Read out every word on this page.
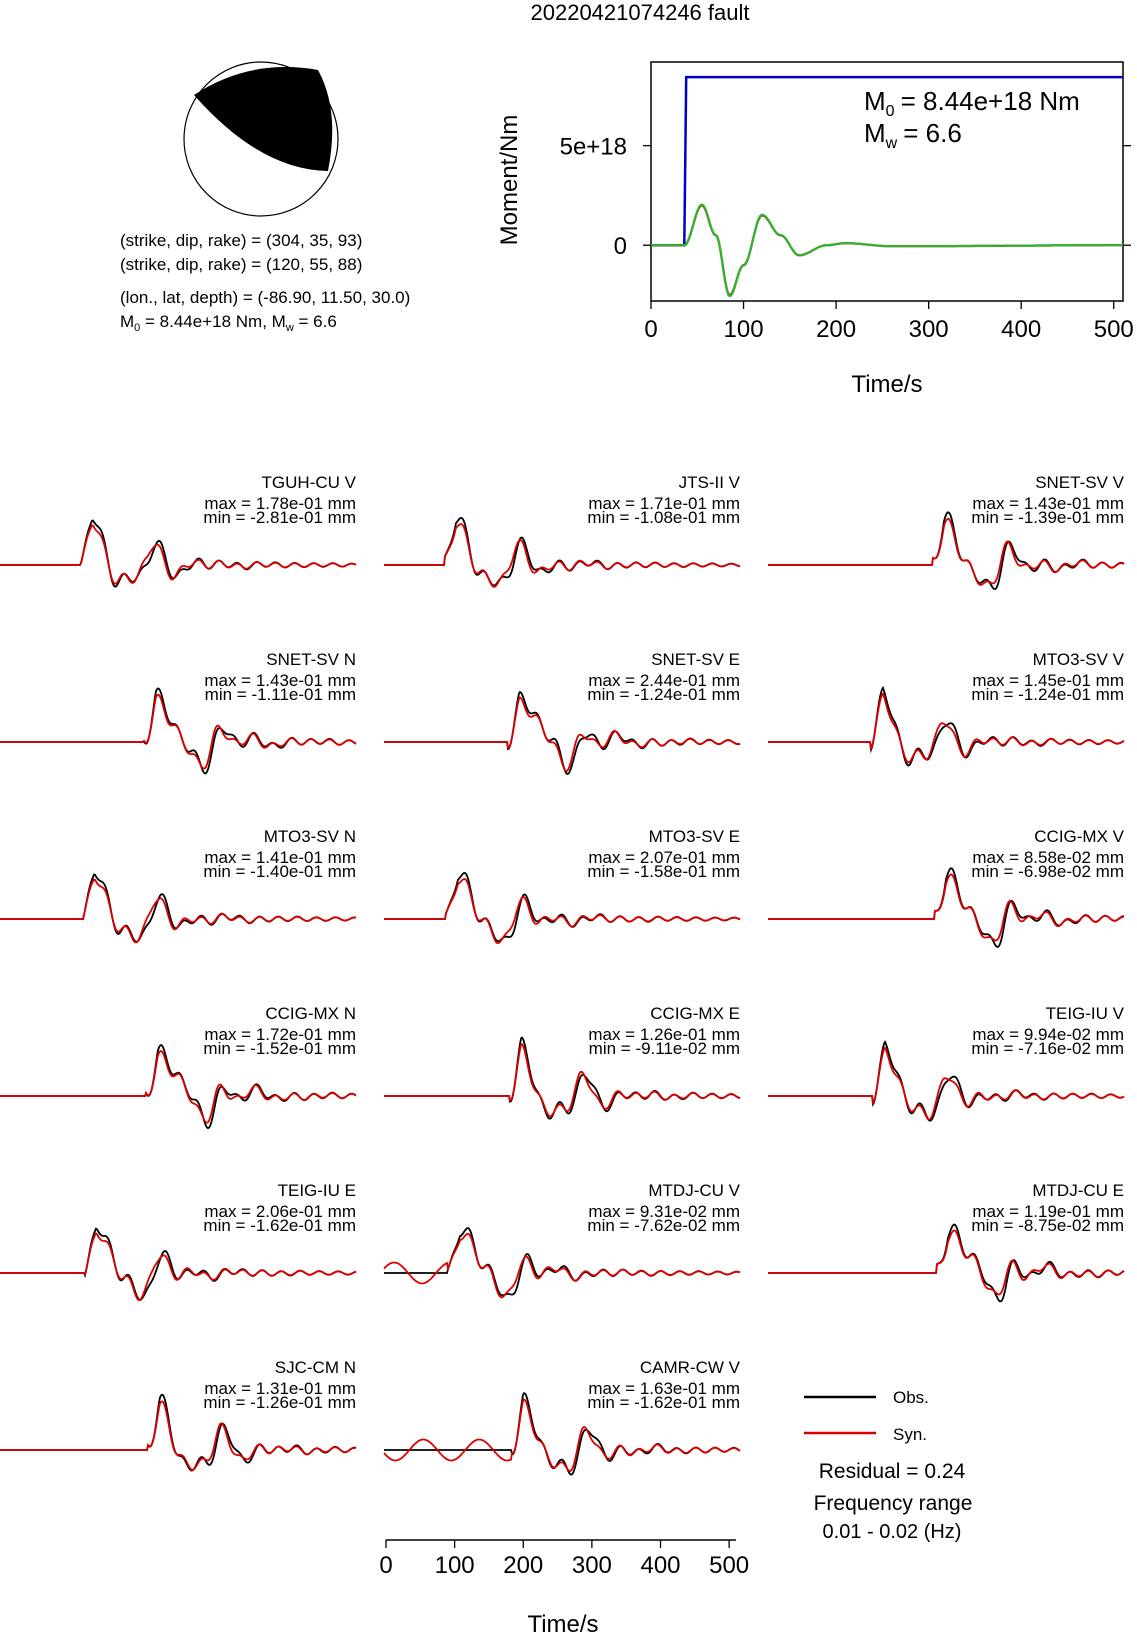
20220421074246 fault
(strike, dip, rake) = (304, 35, 93)
(strike, dip, rake) = (120, 55, 88)
(lon., lat, depth) = (-86.90, 11.50, 30.0)
$M_0 = 8.44e+18$ Nm, $M_w = 6.6$	0	100 200 300 400 500
0
5e+18
Moment/Nm
Time/s
$M_0 = 8.44e+18$ Nm
$M_w = 6.6$
TGUH-CU V
max = 1.78e-01 mm
min = -2.81e-01 mm
JTS-II V
max = 1.71e-01 mm
min = -1.08e-01 mm
SNET-SV V
max = 1.43e-01 mm
min = -1.39e-01 mm
SNET-SV N
max = 1.43e-01 mm
min = -1.11e-01 mm
SNET-SV E
max = 2.44e-01 mm
min = -1.24e-01 mm
MTO3-SV V
max = 1.45e-01 mm
min = -1.24e-01 mm
MTO3-SV N
max = 1.41e-01 mm
min = -1.40e-01 mm
MTO3-SV E
max = 2.07e-01 mm
min = -1.58e-01 mm
CCIG-MX V
max = 8.58e-02 mm
min = -6.98e-02 mm
CCIG-MX N
max = 1.72e-01 mm
min = -1.52e-01 mm
CCIG-MX E
max = 1.26e-01 mm
min = -9.11e-02 mm
TEIG-IU V
max = 9.94e-02 mm
min = -7.16e-02 mm
TEIG-IU E
max = 2.06e-01 mm
min = -1.62e-01 mm
MTDJ-CU V
max = 9.31e-02 mm
min = -7.62e-02 mm
MTDJ-CU E
max = 1.19e-01 mm
min = -8.75e-02 mm
SJC-CM N
max = 1.31e-01 mm
min = -1.26e-01 mm
CAMR-CW V
max = 1.63e-01 mm
min = -1.62e-01 mm
0 100 200 300 400 500
Time/s
Obs.
Syn.
Residual = 0.24
Frequency range
0.01 - 0.02 (Hz)
